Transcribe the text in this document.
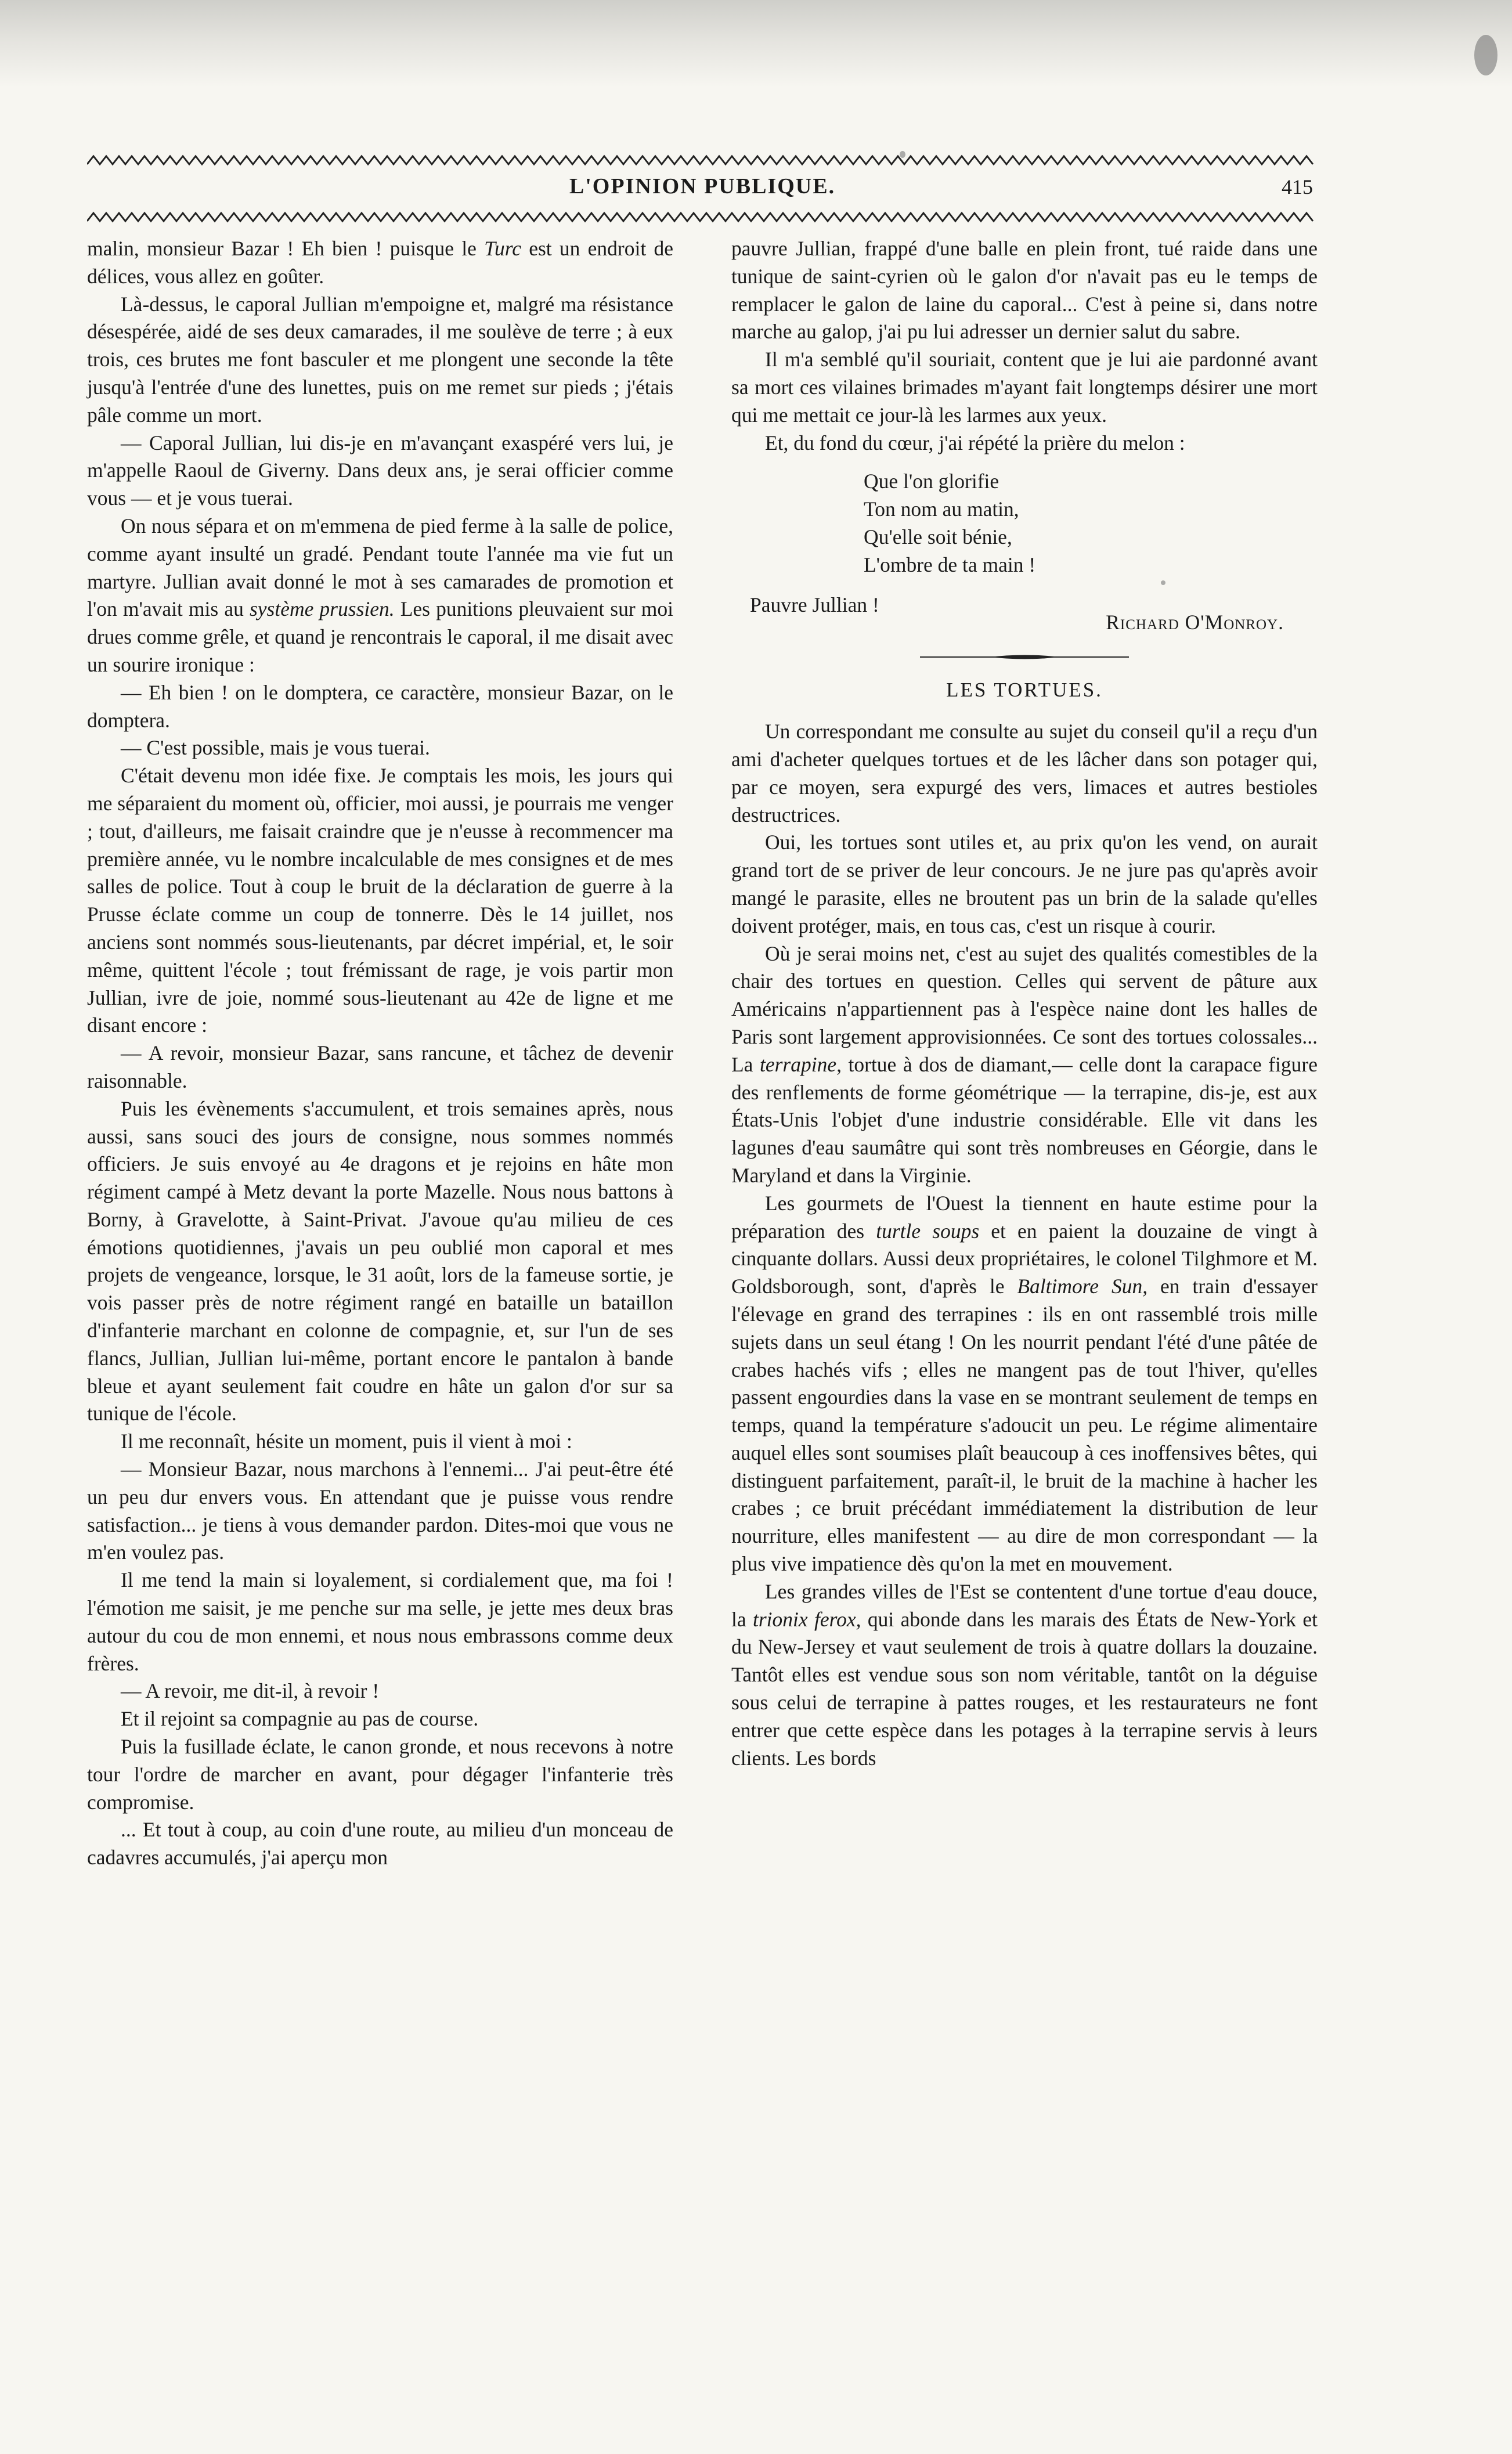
L'OPINION PUBLIQUE.	415

malin, monsieur Bazar ! Eh bien ! puisque le Turc est un endroit de délices, vous allez en goûter.

Là-dessus, le caporal Jullian m'empoigne et, malgré ma résistance désespérée, aidé de ses deux camarades, il me soulève de terre ; à eux trois, ces brutes me font basculer et me plongent une seconde la tête jusqu'à l'entrée d'une des lunettes, puis on me remet sur pieds ; j'étais pâle comme un mort.

— Caporal Jullian, lui dis-je en m'avançant exaspéré vers lui, je m'appelle Raoul de Giverny. Dans deux ans, je serai officier comme vous — et je vous tuerai.

On nous sépara et on m'emmena de pied ferme à la salle de police, comme ayant insulté un gradé. Pendant toute l'année ma vie fut un martyre. Jullian avait donné le mot à ses camarades de promotion et l'on m'avait mis au système prussien. Les punitions pleuvaient sur moi drues comme grêle, et quand je rencontrais le caporal, il me disait avec un sourire ironique :

— Eh bien ! on le domptera, ce caractère, monsieur Bazar, on le domptera.

— C'est possible, mais je vous tuerai.

C'était devenu mon idée fixe. Je comptais les mois, les jours qui me séparaient du moment où, officier, moi aussi, je pourrais me venger ; tout, d'ailleurs, me faisait craindre que je n'eusse à recommencer ma première année, vu le nombre incalculable de mes consignes et de mes salles de police. Tout à coup le bruit de la déclaration de guerre à la Prusse éclate comme un coup de tonnerre. Dès le 14 juillet, nos anciens sont nommés sous-lieutenants, par décret impérial, et, le soir même, quittent l'école ; tout frémissant de rage, je vois partir mon Jullian, ivre de joie, nommé sous-lieutenant au 42e de ligne et me disant encore :

— A revoir, monsieur Bazar, sans rancune, et tâchez de devenir raisonnable.

Puis les évènements s'accumulent, et trois semaines après, nous aussi, sans souci des jours de consigne, nous sommes nommés officiers. Je suis envoyé au 4e dragons et je rejoins en hâte mon régiment campé à Metz devant la porte Mazelle. Nous nous battons à Borny, à Gravelotte, à Saint-Privat. J'avoue qu'au milieu de ces émotions quotidiennes, j'avais un peu oublié mon caporal et mes projets de vengeance, lorsque, le 31 août, lors de la fameuse sortie, je vois passer près de notre régiment rangé en bataille un bataillon d'infanterie marchant en colonne de compagnie, et, sur l'un de ses flancs, Jullian, Jullian lui-même, portant encore le pantalon à bande bleue et ayant seulement fait coudre en hâte un galon d'or sur sa tunique de l'école.

Il me reconnaît, hésite un moment, puis il vient à moi :

— Monsieur Bazar, nous marchons à l'ennemi... J'ai peut-être été un peu dur envers vous. En attendant que je puisse vous rendre satisfaction... je tiens à vous demander pardon. Dites-moi que vous ne m'en voulez pas.

Il me tend la main si loyalement, si cordialement que, ma foi ! l'émotion me saisit, je me penche sur ma selle, je jette mes deux bras autour du cou de mon ennemi, et nous nous embrassons comme deux frères.

— A revoir, me dit-il, à revoir !

Et il rejoint sa compagnie au pas de course.

Puis la fusillade éclate, le canon gronde, et nous recevons à notre tour l'ordre de marcher en avant, pour dégager l'infanterie très compromise.

... Et tout à coup, au coin d'une route, au milieu d'un monceau de cadavres accumulés, j'ai aperçu mon

pauvre Jullian, frappé d'une balle en plein front, tué raide dans une tunique de saint-cyrien où le galon d'or n'avait pas eu le temps de remplacer le galon de laine du caporal... C'est à peine si, dans notre marche au galop, j'ai pu lui adresser un dernier salut du sabre.

Il m'a semblé qu'il souriait, content que je lui aie pardonné avant sa mort ces vilaines brimades m'ayant fait longtemps désirer une mort qui me mettait ce jour-là les larmes aux yeux.

Et, du fond du cœur, j'ai répété la prière du melon :

Que l'on glorifie
Ton nom au matin,
Qu'elle soit bénie,
L'ombre de ta main !
Pauvre Jullian !
Richard O'Monroy.
LES TORTUES.

Un correspondant me consulte au sujet du conseil qu'il a reçu d'un ami d'acheter quelques tortues et de les lâcher dans son potager qui, par ce moyen, sera expurgé des vers, limaces et autres bestioles destructrices.

Oui, les tortues sont utiles et, au prix qu'on les vend, on aurait grand tort de se priver de leur concours. Je ne jure pas qu'après avoir mangé le parasite, elles ne broutent pas un brin de la salade qu'elles doivent protéger, mais, en tous cas, c'est un risque à courir.

Où je serai moins net, c'est au sujet des qualités comestibles de la chair des tortues en question. Celles qui servent de pâture aux Américains n'appartiennent pas à l'espèce naine dont les halles de Paris sont largement approvisionnées. Ce sont des tortues colossales... La terrapine, tortue à dos de diamant,— celle dont la carapace figure des renflements de forme géométrique — la terrapine, dis-je, est aux États-Unis l'objet d'une industrie considérable. Elle vit dans les lagunes d'eau saumâtre qui sont très nombreuses en Géorgie, dans le Maryland et dans la Virginie.

Les gourmets de l'Ouest la tiennent en haute estime pour la préparation des turtle soups et en paient la douzaine de vingt à cinquante dollars. Aussi deux propriétaires, le colonel Tilghmore et M. Goldsborough, sont, d'après le Baltimore Sun, en train d'essayer l'élevage en grand des terrapines : ils en ont rassemblé trois mille sujets dans un seul étang ! On les nourrit pendant l'été d'une pâtée de crabes hachés vifs ; elles ne mangent pas de tout l'hiver, qu'elles passent engourdies dans la vase en se montrant seulement de temps en temps, quand la température s'adoucit un peu. Le régime alimentaire auquel elles sont soumises plaît beaucoup à ces inoffensives bêtes, qui distinguent parfaitement, paraît-il, le bruit de la machine à hacher les crabes ; ce bruit précédant immédiatement la distribution de leur nourriture, elles manifestent — au dire de mon correspondant — la plus vive impatience dès qu'on la met en mouvement.

Les grandes villes de l'Est se contentent d'une tortue d'eau douce, la trionix ferox, qui abonde dans les marais des États de New-York et du New-Jersey et vaut seulement de trois à quatre dollars la douzaine. Tantôt elles est vendue sous son nom véritable, tantôt on la déguise sous celui de terrapine à pattes rouges, et les restaurateurs ne font entrer que cette espèce dans les potages à la terrapine servis à leurs clients. Les bords
